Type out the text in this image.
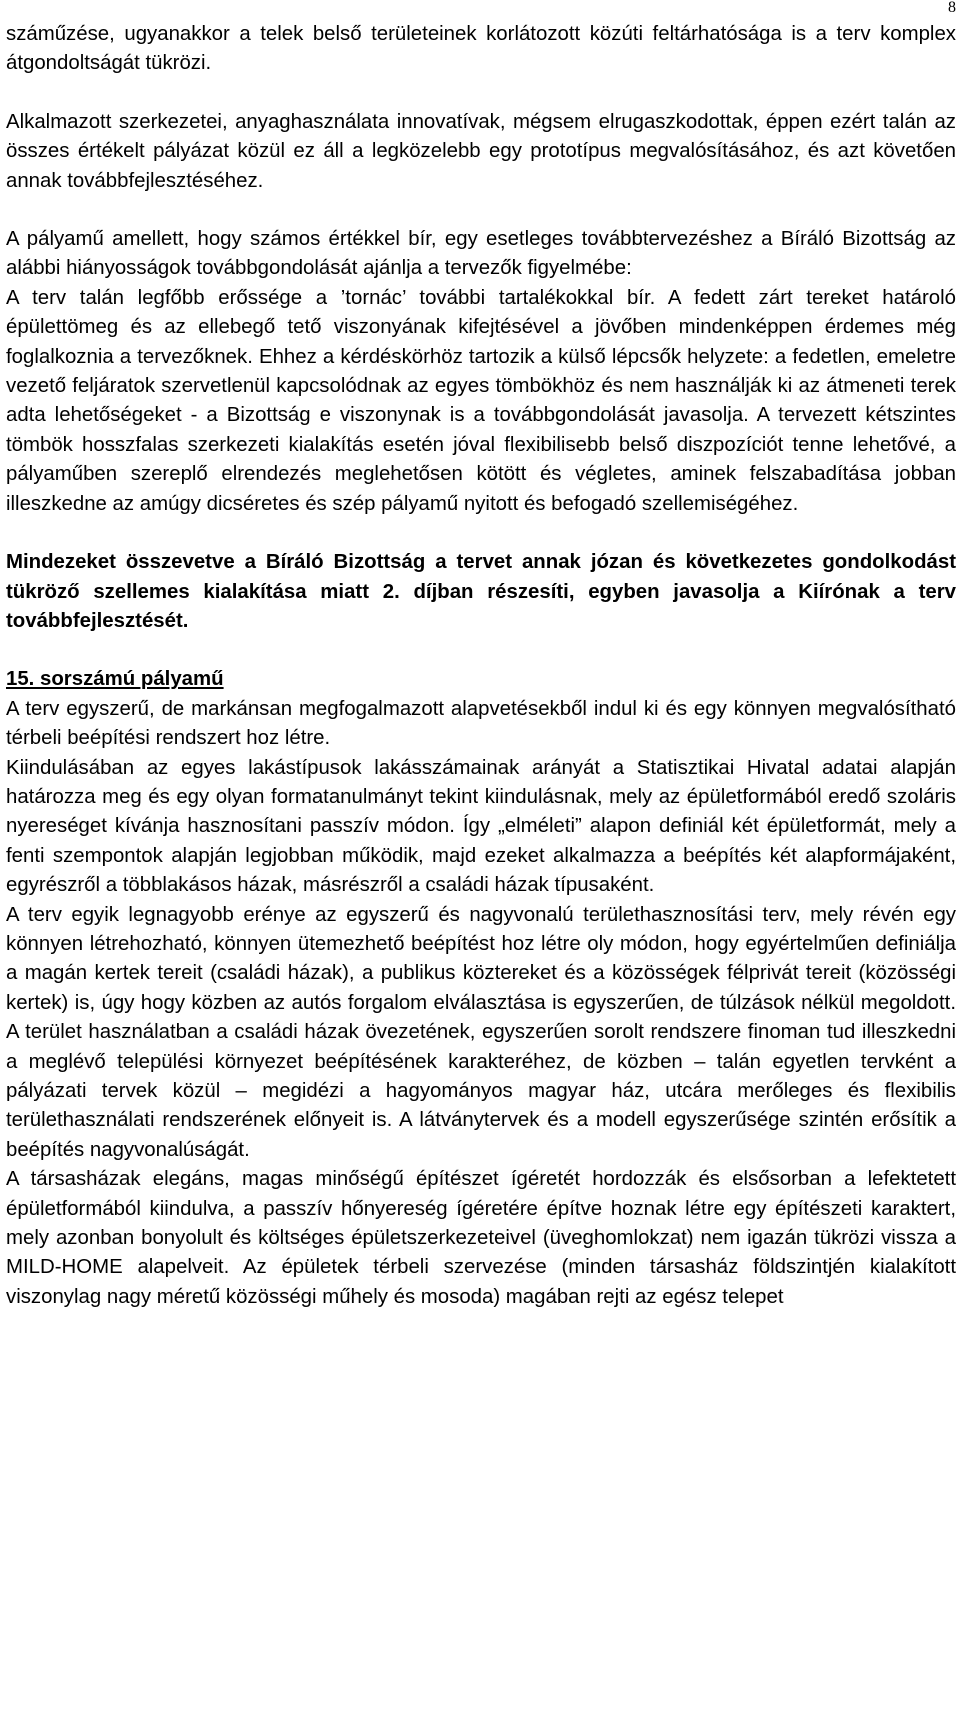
8

száműzése, ugyanakkor a telek belső területeinek korlátozott közúti feltárhatósága is a terv komplex átgondoltságát tükrözi.

Alkalmazott szerkezetei, anyaghasználata innovatívak, mégsem elrugaszkodottak, éppen ezért talán az összes értékelt pályázat közül ez áll a legközelebb egy prototípus megvalósításához, és azt követően annak továbbfejlesztéséhez.

A pályamű amellett, hogy számos értékkel bír, egy esetleges továbbtervezéshez a Bíráló Bizottság az alábbi hiányosságok továbbgondolását ajánlja a tervezők figyelmébe:

A terv talán legfőbb erőssége a ’tornác’ további tartalékokkal bír. A fedett zárt tereket határoló épülettömeg és az ellebegő tető viszonyának kifejtésével a jövőben mindenképpen érdemes még foglalkoznia a tervezőknek. Ehhez a kérdéskörhöz tartozik a külső lépcsők helyzete: a fedetlen, emeletre vezető feljáratok szervetlenül kapcsolódnak az egyes tömbökhöz és nem használják ki az átmeneti terek adta lehetőségeket - a Bizottság e viszonynak is a továbbgondolását javasolja. A tervezett kétszintes tömbök hosszfalas szerkezeti kialakítás esetén jóval flexibilisebb belső diszpozíciót tenne lehetővé, a pályaműben szereplő elrendezés meglehetősen kötött és végletes, aminek felszabadítása jobban illeszkedne az amúgy dicséretes és szép pályamű nyitott és befogadó szellemiségéhez.

Mindezeket összevetve a Bíráló Bizottság a tervet annak józan és következetes gondolkodást tükröző szellemes kialakítása miatt 2. díjban részesíti, egyben javasolja a Kiírónak a terv továbbfejlesztését.

15. sorszámú pályamű

A terv egyszerű, de markánsan megfogalmazott alapvetésekből indul ki és egy könnyen megvalósítható térbeli beépítési rendszert hoz létre.

Kiindulásában az egyes lakástípusok lakásszámainak arányát a Statisztikai Hivatal adatai alapján határozza meg és egy olyan formatanulmányt tekint kiindulásnak, mely az épületformából eredő szoláris nyereséget kívánja hasznosítani passzív módon. Így „elméleti” alapon definiál két épületformát, mely a fenti szempontok alapján legjobban működik, majd ezeket alkalmazza a beépítés két alapformájaként, egyrészről a többlakásos házak, másrészről a családi házak típusaként.

A terv egyik legnagyobb erénye az egyszerű és nagyvonalú területhasznosítási terv, mely révén egy könnyen létrehozható, könnyen ütemezhető beépítést hoz létre oly módon, hogy egyértelműen definiálja a magán kertek tereit (családi házak), a publikus köztereket és a közösségek félprivát tereit (közösségi kertek) is, úgy hogy közben az autós forgalom elválasztása is egyszerűen, de túlzások nélkül megoldott. A terület használatban a családi házak övezetének, egyszerűen sorolt rendszere finoman tud illeszkedni a meglévő települési környezet beépítésének karakteréhez, de közben – talán egyetlen tervként a pályázati tervek közül – megidézi a hagyományos magyar ház, utcára merőleges és flexibilis területhasználati rendszerének előnyeit is. A látványtervek és a modell egyszerűsége szintén erősítik a beépítés nagyvonalúságát.

A társasházak elegáns, magas minőségű építészet ígéretét hordozzák és elsősorban a lefektetett épületformából kiindulva, a passzív hőnyereség ígéretére építve hoznak létre egy építészeti karaktert, mely azonban bonyolult és költséges épületszerkezeteivel (üveghomlokzat) nem igazán tükrözi vissza a MILD-HOME alapelveit. Az épületek térbeli szervezése (minden társasház földszintjén kialakított viszonylag nagy méretű közösségi műhely és mosoda) magában rejti az egész telepet
